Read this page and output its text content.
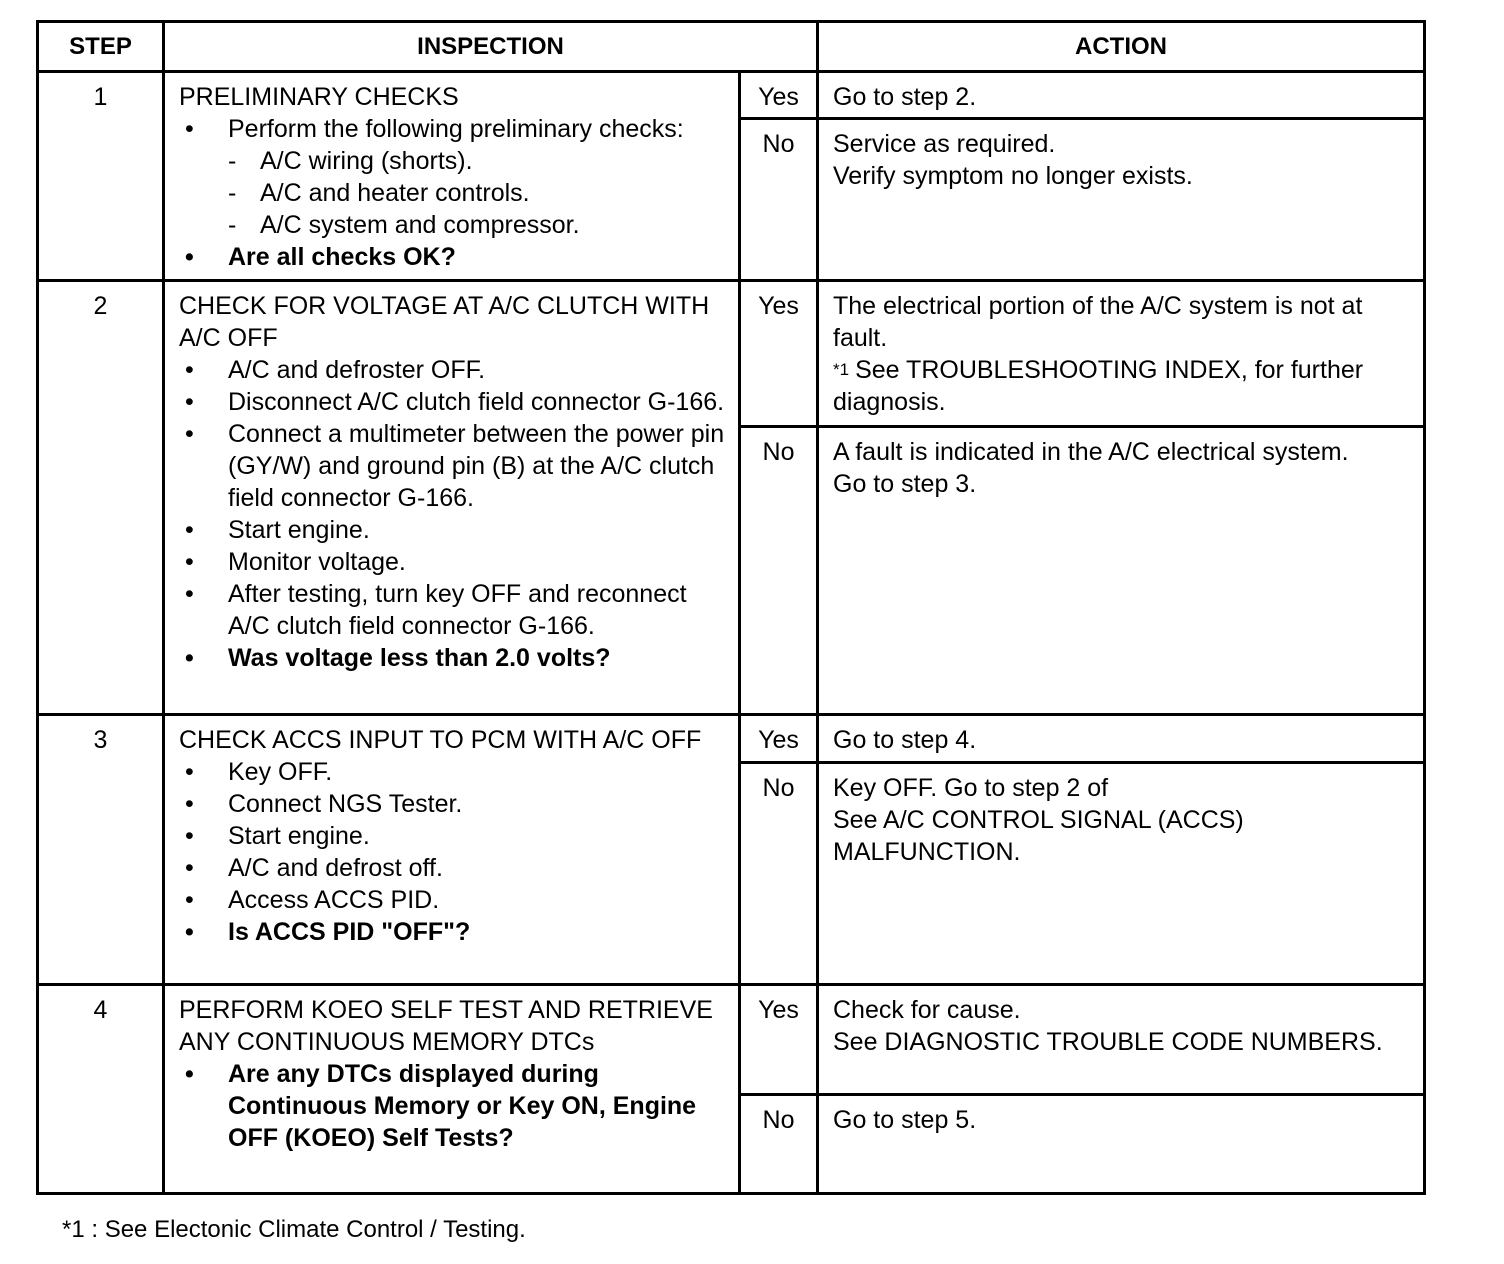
STEP	INSPECTION	ACTION
1	PRELIMINARY CHECKS
•	Perform the following preliminary checks:
- A/C wiring (shorts).
- A/C and heater controls.
- A/C system and compressor.
•	Are all checks OK?
Yes	Go to step 2.
No	Service as required.
Verify symptom no longer exists.
2	CHECK FOR VOLTAGE AT A/C CLUTCH WITH A/C OFF
•	A/C and defroster OFF.
•	Disconnect A/C clutch field connector G-166.
•	Connect a multimeter between the power pin (GY/W) and ground pin (B) at the A/C clutch field connector G-166.
•	Start engine.
•	Monitor voltage.
•	After testing, turn key OFF and reconnect A/C clutch field connector G-166.
•	Was voltage less than 2.0 volts?
Yes	The electrical portion of the A/C system is not at fault.
*1 See TROUBLESHOOTING INDEX, for further diagnosis.
No	A fault is indicated in the A/C electrical system.
Go to step 3.
3	CHECK ACCS INPUT TO PCM WITH A/C OFF
•	Key OFF.
•	Connect NGS Tester.
•	Start engine.
•	A/C and defrost off.
•	Access ACCS PID.
•	Is ACCS PID "OFF"?
Yes	Go to step 4.
No	Key OFF. Go to step 2 of
See A/C CONTROL SIGNAL (ACCS) MALFUNCTION.
4	PERFORM KOEO SELF TEST AND RETRIEVE ANY CONTINUOUS MEMORY DTCs
•	Are any DTCs displayed during Continuous Memory or Key ON, Engine OFF (KOEO) Self Tests?
Yes	Check for cause.
See DIAGNOSTIC TROUBLE CODE NUMBERS.
No	Go to step 5.
*1 : See Electonic Climate Control / Testing.
